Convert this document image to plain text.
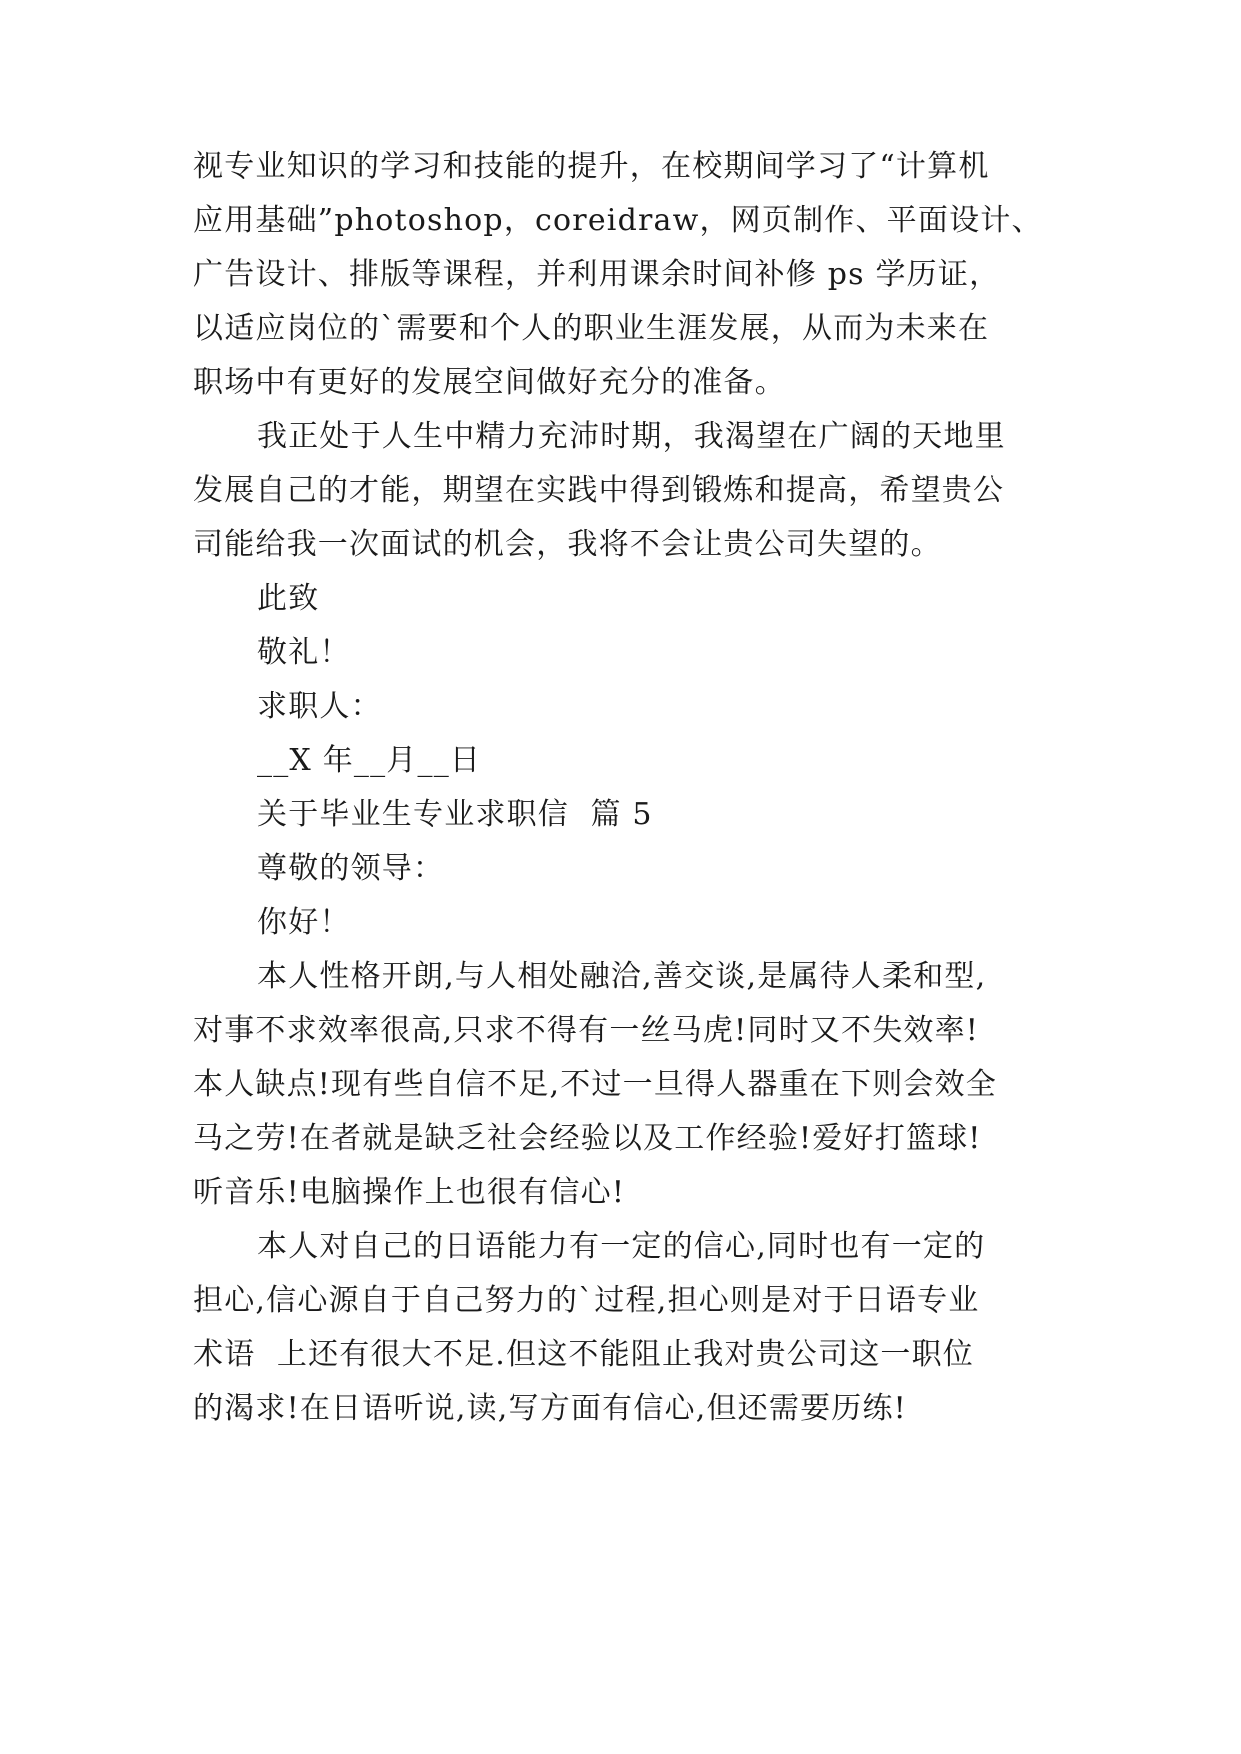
视专业知识的学习和技能的提升，在校期间学习了“计算机
应用基础”photoshop，coreidraw，网页制作、平面设计、
广告设计、排版等课程，并利用课余时间补修 ps 学历证，
以适应岗位的`需要和个人的职业生涯发展，从而为未来在
职场中有更好的发展空间做好充分的准备。
我正处于人生中精力充沛时期，我渴望在广阔的天地里
发展自己的才能，期望在实践中得到锻炼和提高，希望贵公
司能给我一次面试的机会，我将不会让贵公司失望的。
此致
敬礼！
求职人：
__X 年__月__日
关于毕业生专业求职信  篇 5
尊敬的领导：
你好！
本人性格开朗,与人相处融洽,善交谈,是属待人柔和型,
对事不求效率很高,只求不得有一丝马虎!同时又不失效率!
本人缺点!现有些自信不足,不过一旦得人器重在下则会效全
马之劳!在者就是缺乏社会经验以及工作经验!爱好打篮球!
听音乐!电脑操作上也很有信心!
本人对自己的日语能力有一定的信心,同时也有一定的
担心,信心源自于自己努力的`过程,担心则是对于日语专业
术语  上还有很大不足.但这不能阻止我对贵公司这一职位
的渴求!在日语听说,读,写方面有信心,但还需要历练!
